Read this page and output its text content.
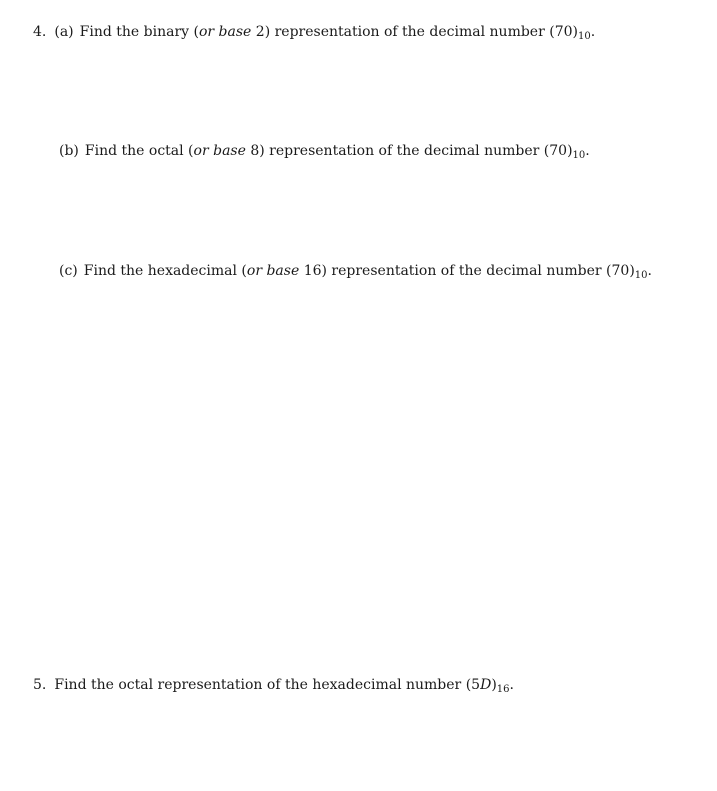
4. (a) Find the binary (or base 2) representation of the decimal number $(70)_{10}$.
(b) Find the octal (or base 8) representation of the decimal number $(70)_{10}$.
(c) Find the hexadecimal (or base 16) representation of the decimal number $(70)_{10}$.
5. Find the octal representation of the hexadecimal number $(5D)_{16}$.
